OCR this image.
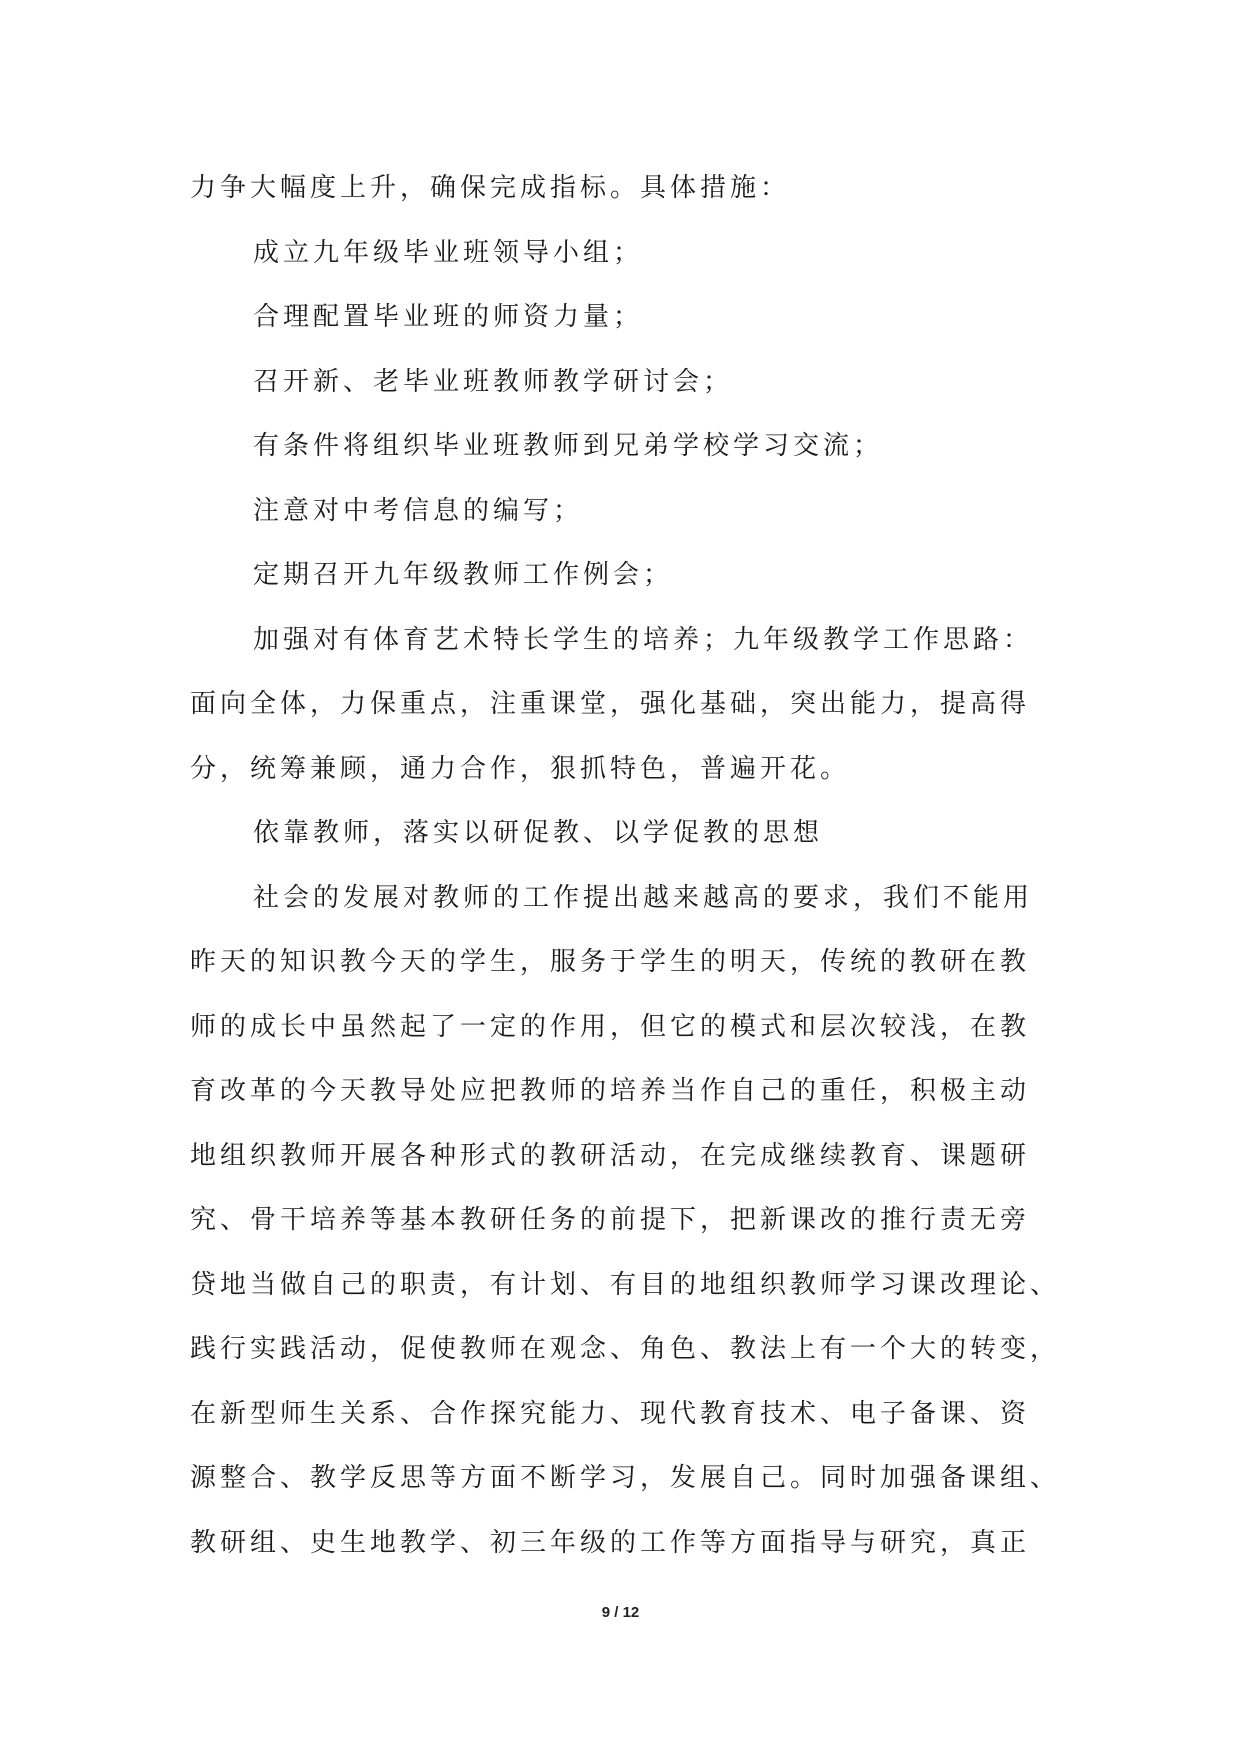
力争大幅度上升，确保完成指标。具体措施：
成立九年级毕业班领导小组；
合理配置毕业班的师资力量；
召开新、老毕业班教师教学研讨会；
有条件将组织毕业班教师到兄弟学校学习交流；
注意对中考信息的编写；
定期召开九年级教师工作例会；
加强对有体育艺术特长学生的培养；九年级教学工作思路：
面向全体，力保重点，注重课堂，强化基础，突出能力，提高得
分，统筹兼顾，通力合作，狠抓特色，普遍开花。
依靠教师，落实以研促教、以学促教的思想
社会的发展对教师的工作提出越来越高的要求，我们不能用
昨天的知识教今天的学生，服务于学生的明天，传统的教研在教
师的成长中虽然起了一定的作用，但它的模式和层次较浅，在教
育改革的今天教导处应把教师的培养当作自己的重任，积极主动
地组织教师开展各种形式的教研活动，在完成继续教育、课题研
究、骨干培养等基本教研任务的前提下，把新课改的推行责无旁
贷地当做自己的职责，有计划、有目的地组织教师学习课改理论、
践行实践活动，促使教师在观念、角色、教法上有一个大的转变，
在新型师生关系、合作探究能力、现代教育技术、电子备课、资
源整合、教学反思等方面不断学习，发展自己。同时加强备课组、
教研组、史生地教学、初三年级的工作等方面指导与研究，真正
9 / 12
